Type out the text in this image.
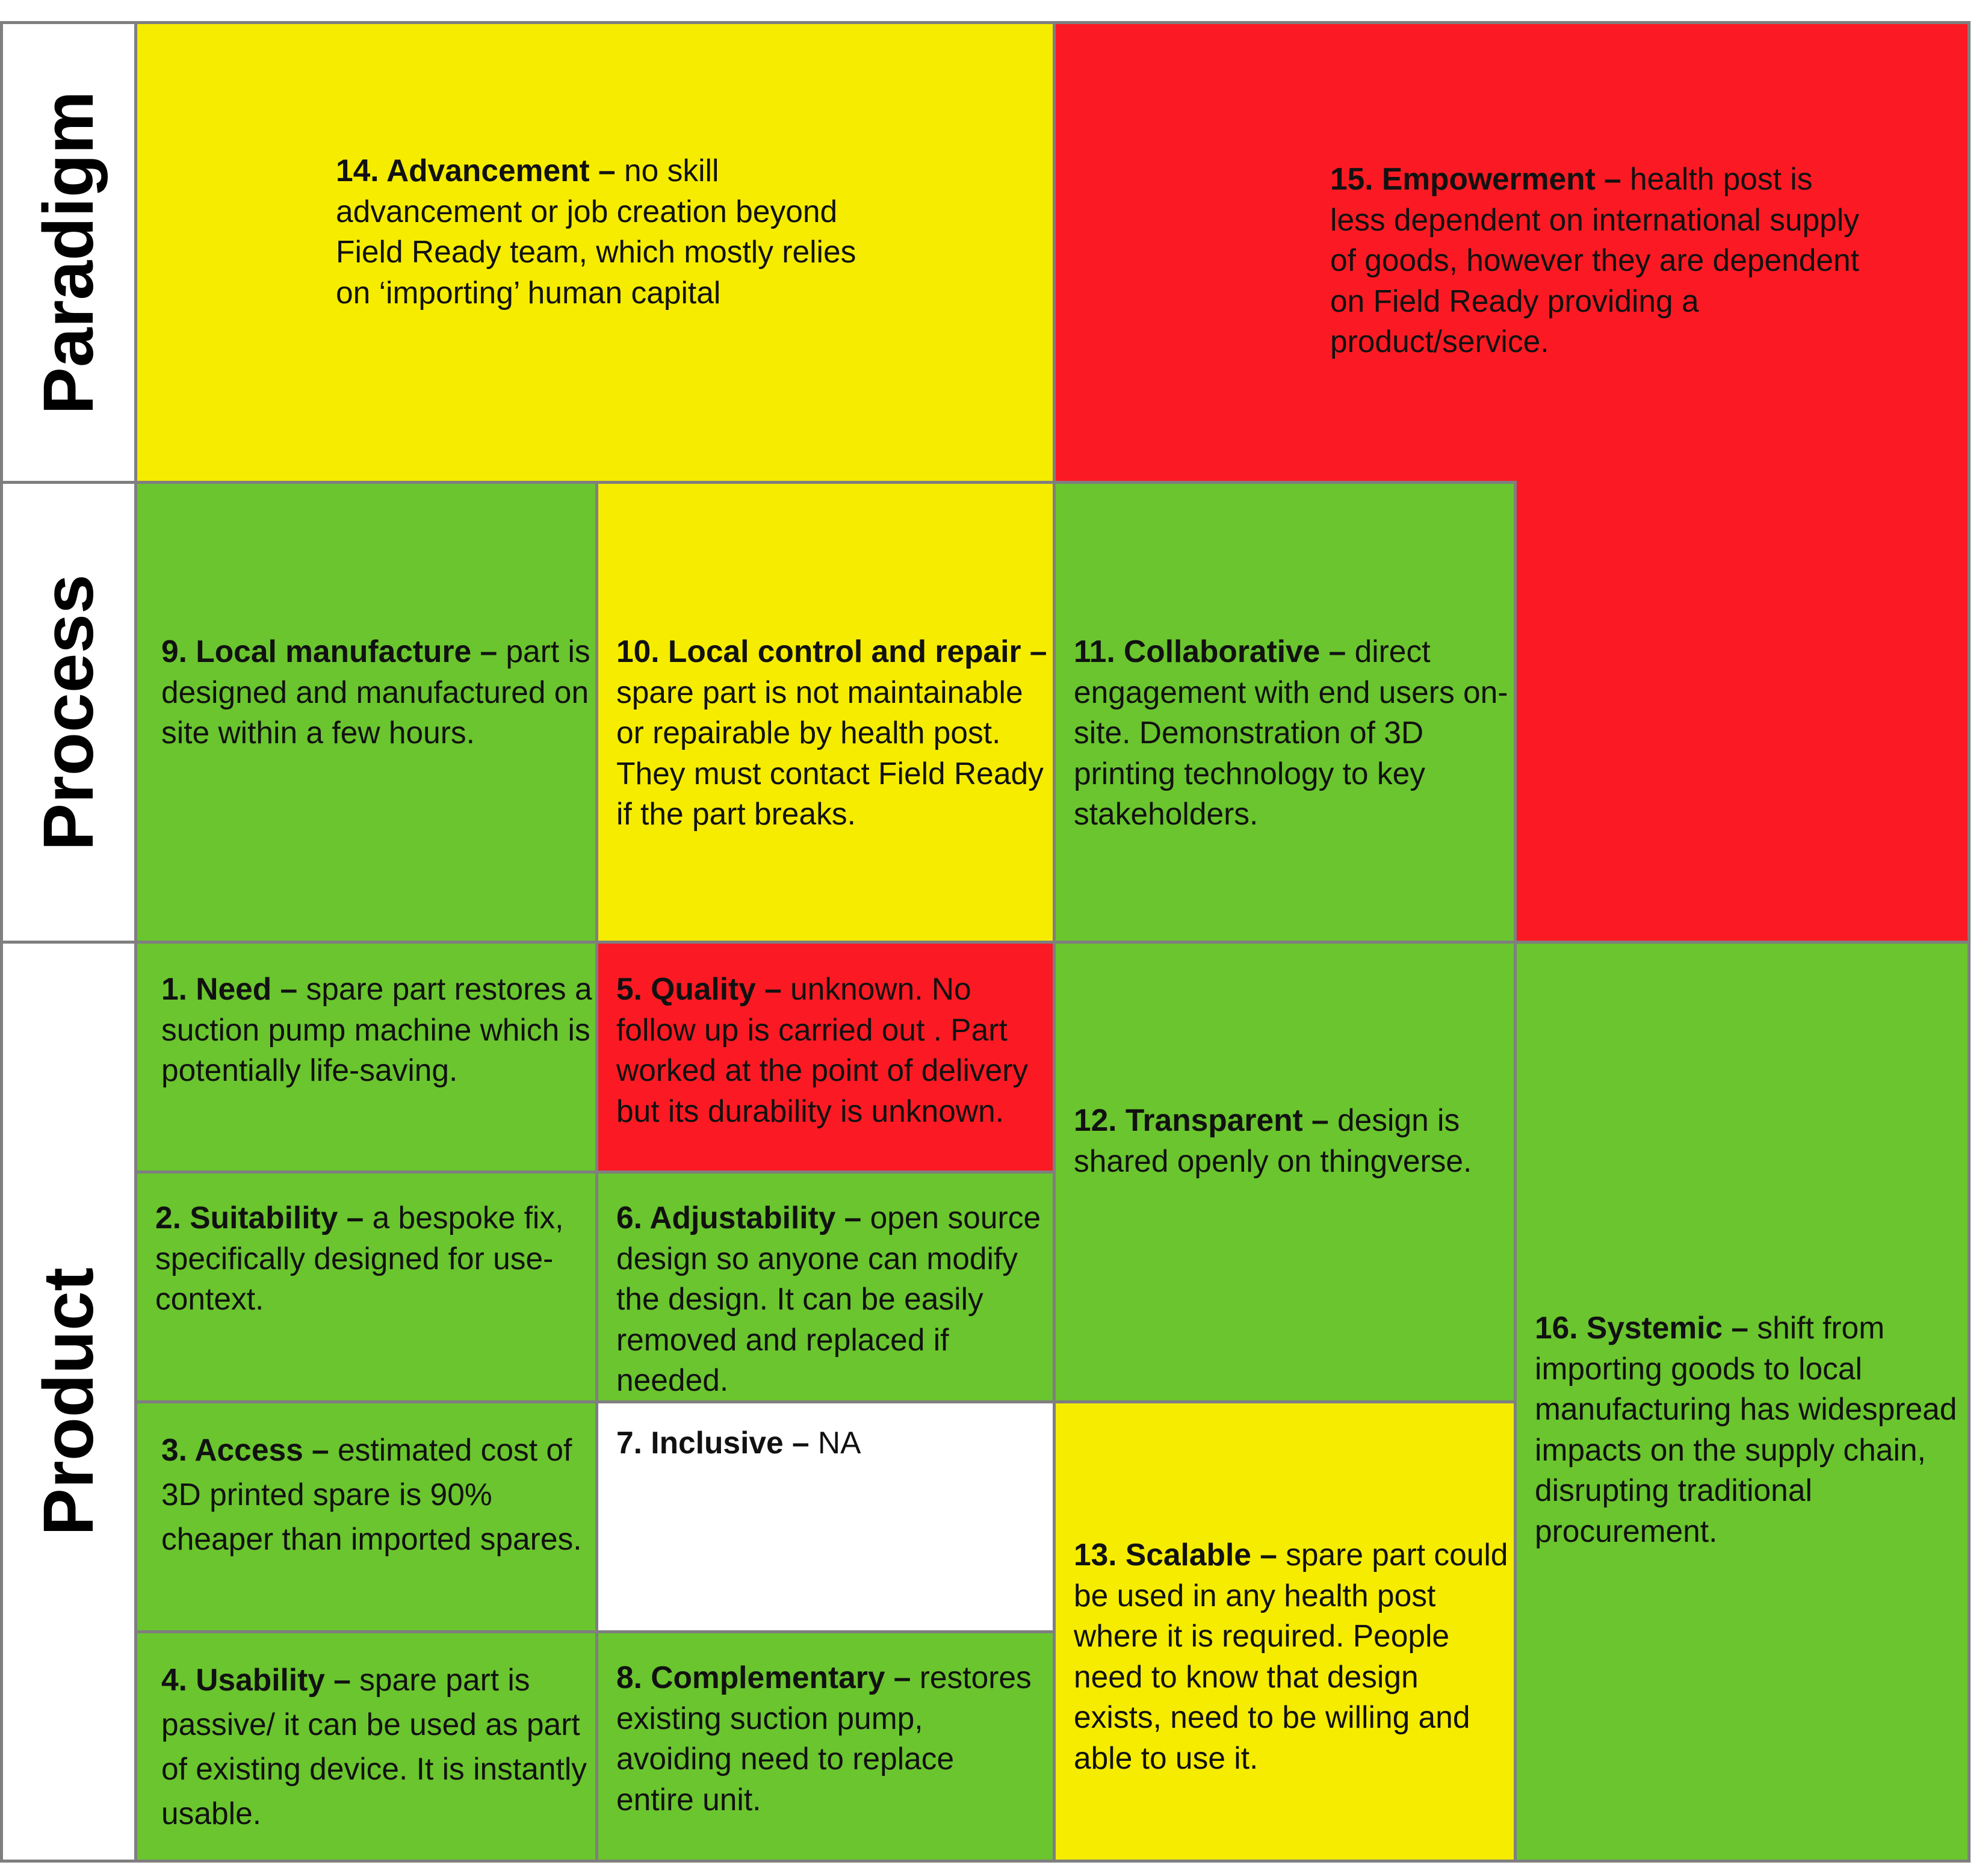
Paradigm
Process
Product

15. Empowerment – health post is less dependent on international supply of goods, however they are dependent on Field Ready providing a product/service.

14. Advancement – no skill advancement or job creation beyond Field Ready team, which mostly relies on ‘importing’ human capital

9. Local manufacture – part is designed and manufactured on site within a few hours.

10. Local control and repair – spare part is not maintainable or repairable by health post. They must contact Field Ready if the part breaks.

11. Collaborative – direct engagement with end users on-site. Demonstration of 3D printing technology to key stakeholders.

1. Need – spare part restores a suction pump machine which is potentially life-saving.

5. Quality – unknown. No follow up is carried out . Part worked at the point of delivery but its durability is unknown.	12. Transparent – design is shared openly on thingverse.

16. Systemic – shift from importing goods to local manufacturing has widespread impacts on the supply chain, disrupting traditional procurement.

2. Suitability – a bespoke fix, specifically designed for use-context.

6. Adjustability – open source design so anyone can modify the design. It can be easily removed and replaced if needed.

3. Access – estimated cost of 3D printed spare is 90% cheaper than imported spares.

7. Inclusive – NA

13. Scalable – spare part could be used in any health post where it is required. People need to know that design exists, need to be willing and able to use it.

4. Usability – spare part is passive/ it can be used as part of existing device. It is instantly usable.

8. Complementary – restores existing suction pump, avoiding need to replace entire unit.
